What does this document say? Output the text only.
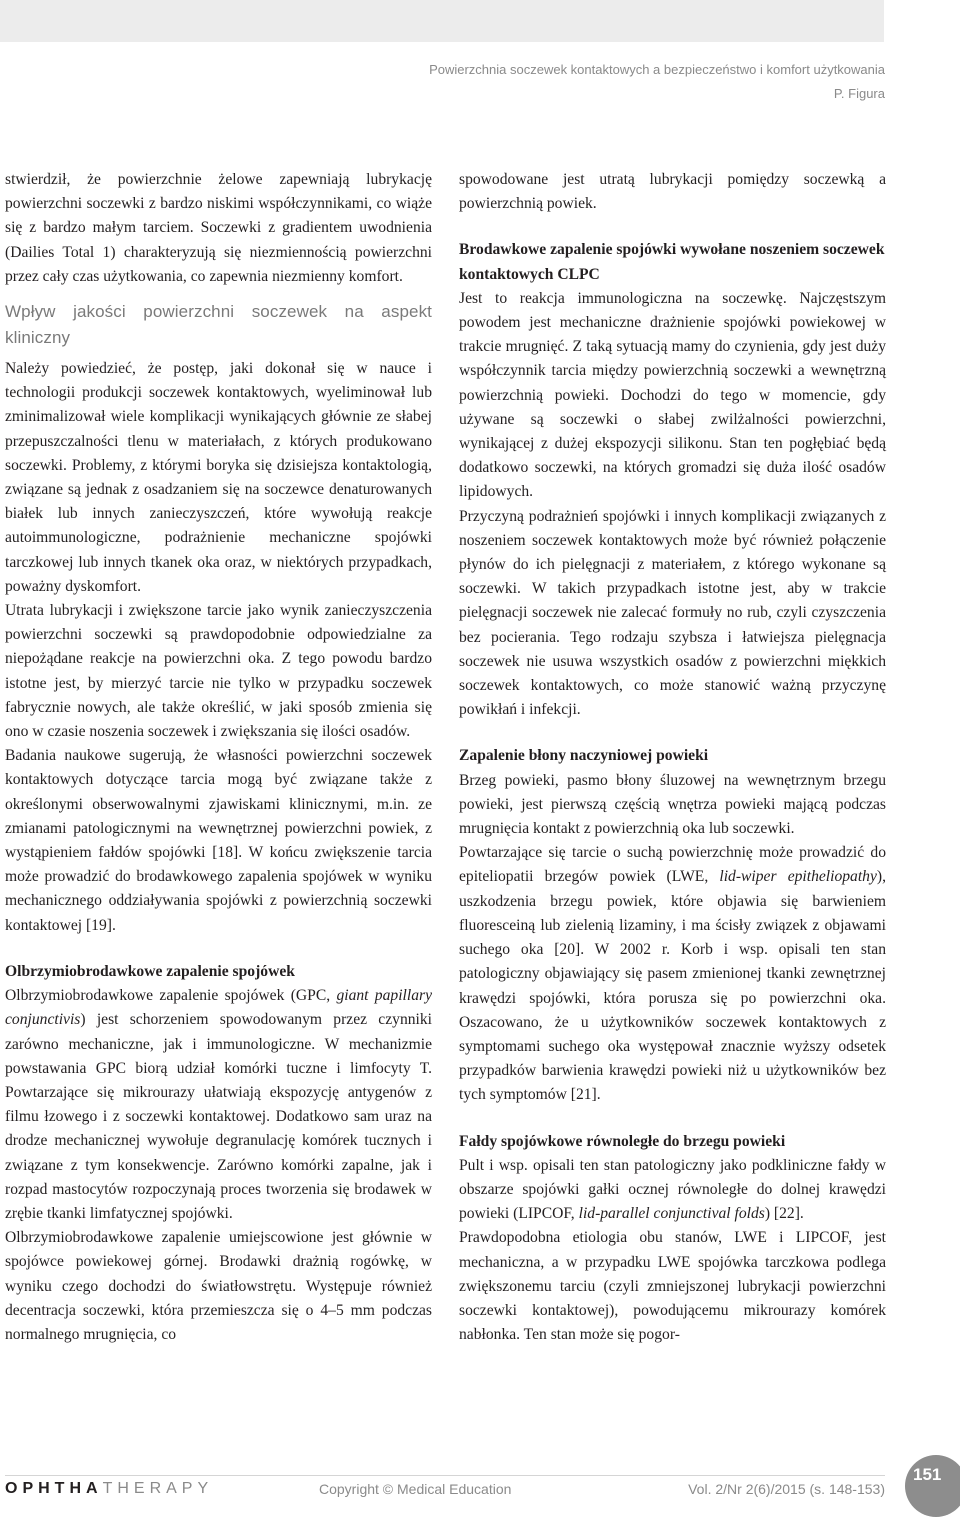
Powierzchnia soczewek kontaktowych a bezpieczeństwo i komfort użytkowania
P. Figura

stwierdził, że powierzchnie żelowe zapewniają lubrykację powierzchni soczewki z bardzo niskimi współczynnikami, co wiąże się z bardzo małym tarciem. Soczewki z gradientem uwodnienia (Dailies Total 1) charakteryzują się niezmiennością powierzchni przez cały czas użytkowania, co zapewnia niezmienny komfort.

Wpływ jakości powierzchni soczewek na aspekt kliniczny

Należy powiedzieć, że postęp, jaki dokonał się w nauce i technologii produkcji soczewek kontaktowych, wyeliminował lub zminimalizował wiele komplikacji wynikających głównie ze słabej przepuszczalności tlenu w materiałach, z których produkowano soczewki. Problemy, z którymi boryka się dzisiejsza kontaktologią, związane są jednak z osadzaniem się na soczewce denaturowanych białek lub innych zanieczyszczeń, które wywołują reakcje autoimmunologiczne, podrażnienie mechaniczne spojówki tarczkowej lub innych tkanek oka oraz, w niektórych przypadkach, poważny dyskomfort.

Utrata lubrykacji i zwiększone tarcie jako wynik zanieczyszczenia powierzchni soczewki są prawdopodobnie odpowiedzialne za niepożądane reakcje na powierzchni oka. Z tego powodu bardzo istotne jest, by mierzyć tarcie nie tylko w przypadku soczewek fabrycznie nowych, ale także określić, w jaki sposób zmienia się ono w czasie noszenia soczewek i zwiększania się ilości osadów.

Badania naukowe sugerują, że własności powierzchni soczewek kontaktowych dotyczące tarcia mogą być związane także z określonymi obserwowalnymi zjawiskami klinicznymi, m.in. ze zmianami patologicznymi na wewnętrznej powierzchni powiek, z wystąpieniem fałdów spojówki [18]. W końcu zwiększenie tarcia może prowadzić do brodawkowego zapalenia spojówek w wyniku mechanicznego oddziaływania spojówki z powierzchnią soczewki kontaktowej [19].

Olbrzymiobrodawkowe zapalenie spojówek

Olbrzymiobrodawkowe zapalenie spojówek (GPC, giant papillary conjunctivis) jest schorzeniem spowodowanym przez czynniki zarówno mechaniczne, jak i immunologiczne. W mechanizmie powstawania GPC biorą udział komórki tuczne i limfocyty T. Powtarzające się mikrourazy ułatwiają ekspozycję antygenów z filmu łzowego i z soczewki kontaktowej. Dodatkowo sam uraz na drodze mechanicznej wywołuje degranulację komórek tucznych i związane z tym konsekwencje. Zarówno komórki zapalne, jak i rozpad mastocytów rozpoczynają proces tworzenia się brodawek w zrębie tkanki limfatycznej spojówki.

Olbrzymiobrodawkowe zapalenie umiejscowione jest głównie w spojówce powiekowej górnej. Brodawki drażnią rogówkę, w wyniku czego dochodzi do światłowstrętu. Występuje również decentracja soczewki, która przemieszcza się o 4–5 mm podczas normalnego mrugnięcia, co

spowodowane jest utratą lubrykacji pomiędzy soczewką a powierzchnią powiek.

Brodawkowe zapalenie spojówki wywołane noszeniem soczewek kontaktowych CLPC

Jest to reakcja immunologiczna na soczewkę. Najczęstszym powodem jest mechaniczne drażnienie spojówki powiekowej w trakcie mrugnięć. Z taką sytuacją mamy do czynienia, gdy jest duży współczynnik tarcia między powierzchnią soczewki a wewnętrzną powierzchnią powieki. Dochodzi do tego w momencie, gdy używane są soczewki o słabej zwilżalności powierzchni, wynikającej z dużej ekspozycji silikonu. Stan ten pogłębiać będą dodatkowo soczewki, na których gromadzi się duża ilość osadów lipidowych.

Przyczyną podrażnień spojówki i innych komplikacji związanych z noszeniem soczewek kontaktowych może być również połączenie płynów do ich pielęgnacji z materiałem, z którego wykonane są soczewki. W takich przypadkach istotne jest, aby w trakcie pielęgnacji soczewek nie zalecać formuły no rub, czyli czyszczenia bez pocierania. Tego rodzaju szybsza i łatwiejsza pielęgnacja soczewek nie usuwa wszystkich osadów z powierzchni miękkich soczewek kontaktowych, co może stanowić ważną przyczynę powikłań i infekcji.

Zapalenie błony naczyniowej powieki

Brzeg powieki, pasmo błony śluzowej na wewnętrznym brzegu powieki, jest pierwszą częścią wnętrza powieki mającą podczas mrugnięcia kontakt z powierzchnią oka lub soczewki.

Powtarzające się tarcie o suchą powierzchnię może prowadzić do epiteliopatii brzegów powiek (LWE, lid-wiper epitheliopathy), uszkodzenia brzegu powiek, które objawia się barwieniem fluoresceiną lub zielenią lizaminy, i ma ścisły związek z objawami suchego oka [20]. W 2002 r. Korb i wsp. opisali ten stan patologiczny objawiający się pasem zmienionej tkanki zewnętrznej krawędzi spojówki, która porusza się po powierzchni oka. Oszacowano, że u użytkowników soczewek kontaktowych z symptomami suchego oka występował znacznie wyższy odsetek przypadków barwienia krawędzi powieki niż u użytkowników bez tych symptomów [21].

Fałdy spojówkowe równoległe do brzegu powieki

Pult i wsp. opisali ten stan patologiczny jako podkliniczne fałdy w obszarze spojówki gałki ocznej równoległe do dolnej krawędzi powieki (LIPCOF, lid-parallel conjunctival folds) [22].

Prawdopodobna etiologia obu stanów, LWE i LIPCOF, jest mechaniczna, a w przypadku LWE spojówka tarczkowa podlega zwiększonemu tarciu (czyli zmniejszonej lubrykacji powierzchni soczewki kontaktowej), powodującemu mikrourazy komórek nabłonka. Ten stan może się pogor-

OPHTHATHERAPY	Copyright © Medical Education	Vol. 2/Nr 2(6)/2015 (s. 148-153)
151
